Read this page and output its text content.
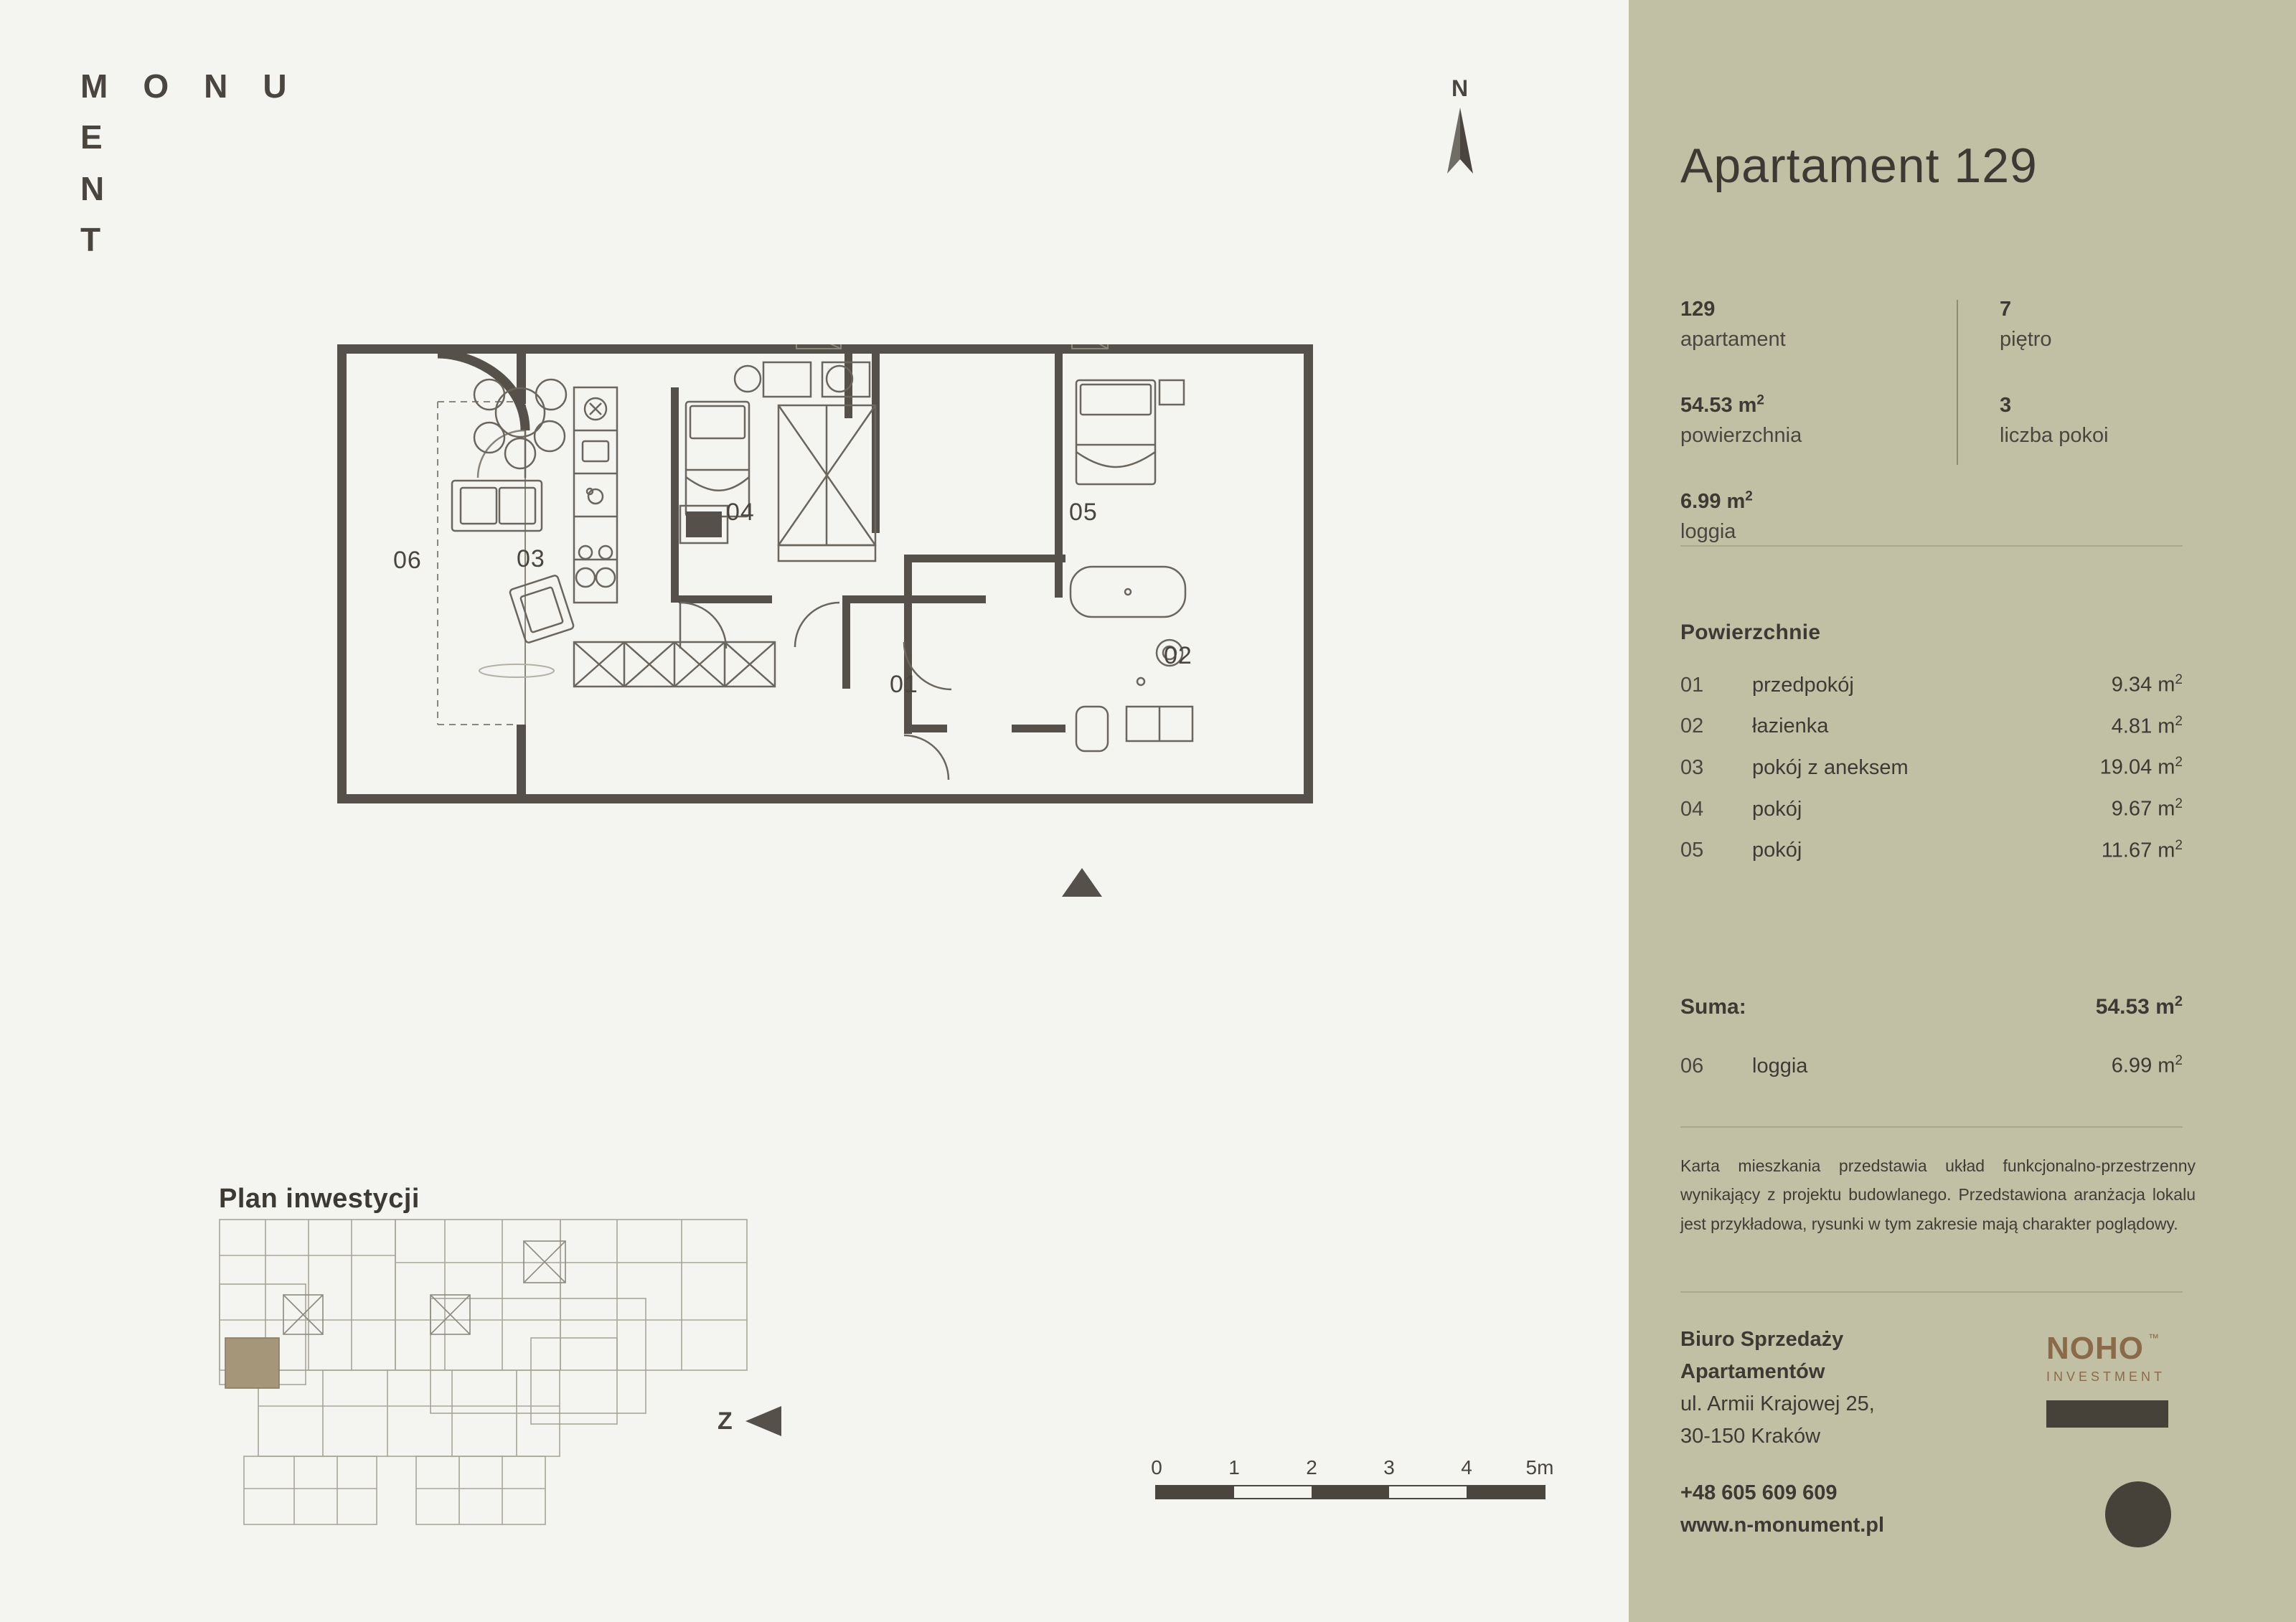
M O N U
E
N
T
N
01
02
03
04	05
06
Plan inwestycji
Z
0	1	2	3	4	5m
Apartament 129
129
apartament
54.53 $m^2$
powierzchnia
6.99 $m^2$
loggia
7
piętro
3
liczba pokoi
Powierzchnie
01	przedpokój	9.34 $m^2$
02	łazienka	4.81 $m^2$
03	pokój z aneksem	19.04 $m^2$
04	pokój	9.67 $m^2$
05	pokój	11.67 $m^2$
Suma:	54.53 $m^2$
06	loggia	6.99 $m^2$
Karta mieszkania przedstawia układ funkcjonalno-przestrzenny wynikający z projektu budowlanego. Przedstawiona aranżacja lokalu jest przykładowa, rysunki w tym zakresie mają charakter poglądowy.
Biuro Sprzedaży
Apartamentów
ul. Armii Krajowej 25,
30-150 Kraków
+48 605 609 609
www.n-monument.pl
NOHO ™
INVESTMENT
